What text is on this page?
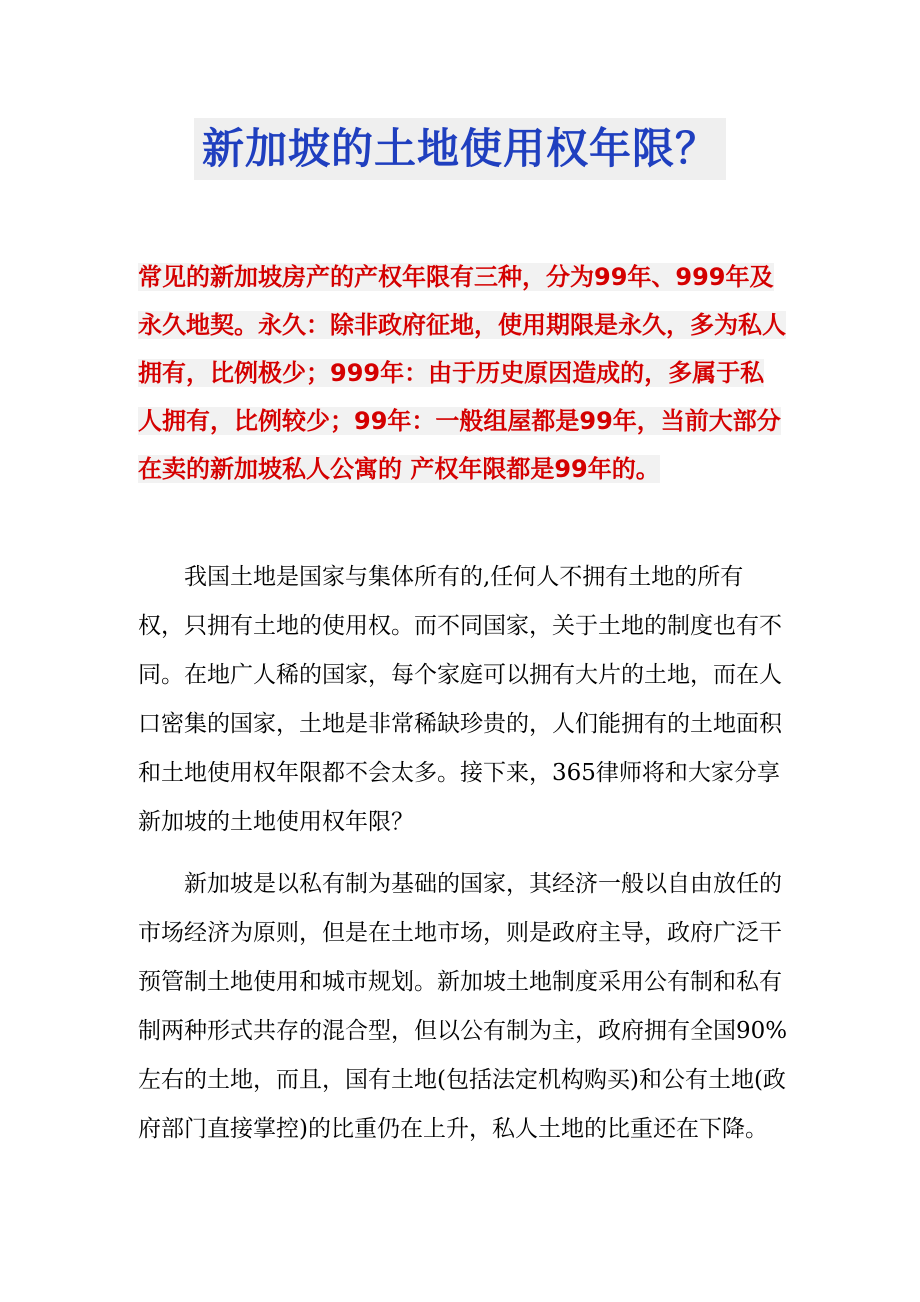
新加坡的土地使用权年限？
常见的新加坡房产的产权年限有三种，分为99年、999年及永久地契。永久：除非政府征地，使用期限是永久，多为私人拥有，比例极少；999年：由于历史原因造成的，多属于私人拥有，比例较少；99年：一般组屋都是99年，当前大部分在卖的新加坡私人公寓的 产权年限都是99年的。

我国土地是国家与集体所有的,任何人不拥有土地的所有权，只拥有土地的使用权。而不同国家，关于土地的制度也有不同。在地广人稀的国家，每个家庭可以拥有大片的土地，而在人口密集的国家，土地是非常稀缺珍贵的，人们能拥有的土地面积和土地使用权年限都不会太多。接下来，365律师将和大家分享新加坡的土地使用权年限？

新加坡是以私有制为基础的国家，其经济一般以自由放任的市场经济为原则，但是在土地市场，则是政府主导，政府广泛干预管制土地使用和城市规划。新加坡土地制度采用公有制和私有制两种形式共存的混合型，但以公有制为主，政府拥有全国90%左右的土地，而且，国有土地(包括法定机构购买)和公有土地(政府部门直接掌控)的比重仍在上升，私人土地的比重还在下降。
